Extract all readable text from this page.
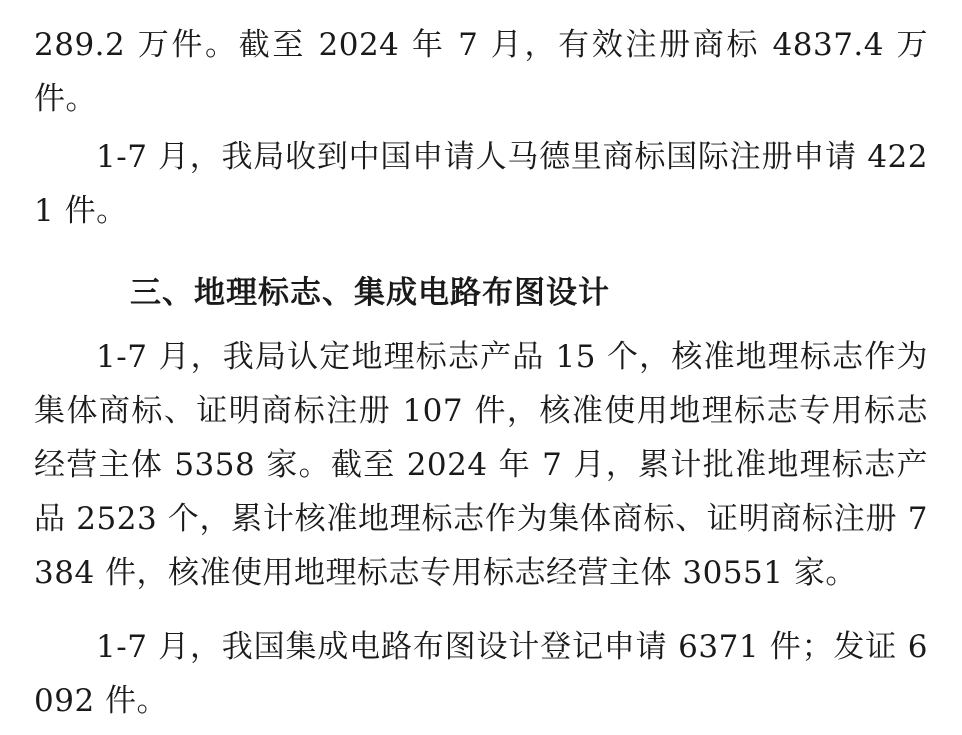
289.2 万件。截至 2024 年 7 月，有效注册商标 4837.4 万件。

1-7 月，我局收到中国申请人马德里商标国际注册申请 4221 件。

三、地理标志、集成电路布图设计

1-7 月，我局认定地理标志产品 15 个，核准地理标志作为集体商标、证明商标注册 107 件，核准使用地理标志专用标志经营主体 5358 家。截至 2024 年 7 月，累计批准地理标志产品 2523 个，累计核准地理标志作为集体商标、证明商标注册 7384 件，核准使用地理标志专用标志经营主体 30551 家。

1-7 月，我国集成电路布图设计登记申请 6371 件；发证 6092 件。
